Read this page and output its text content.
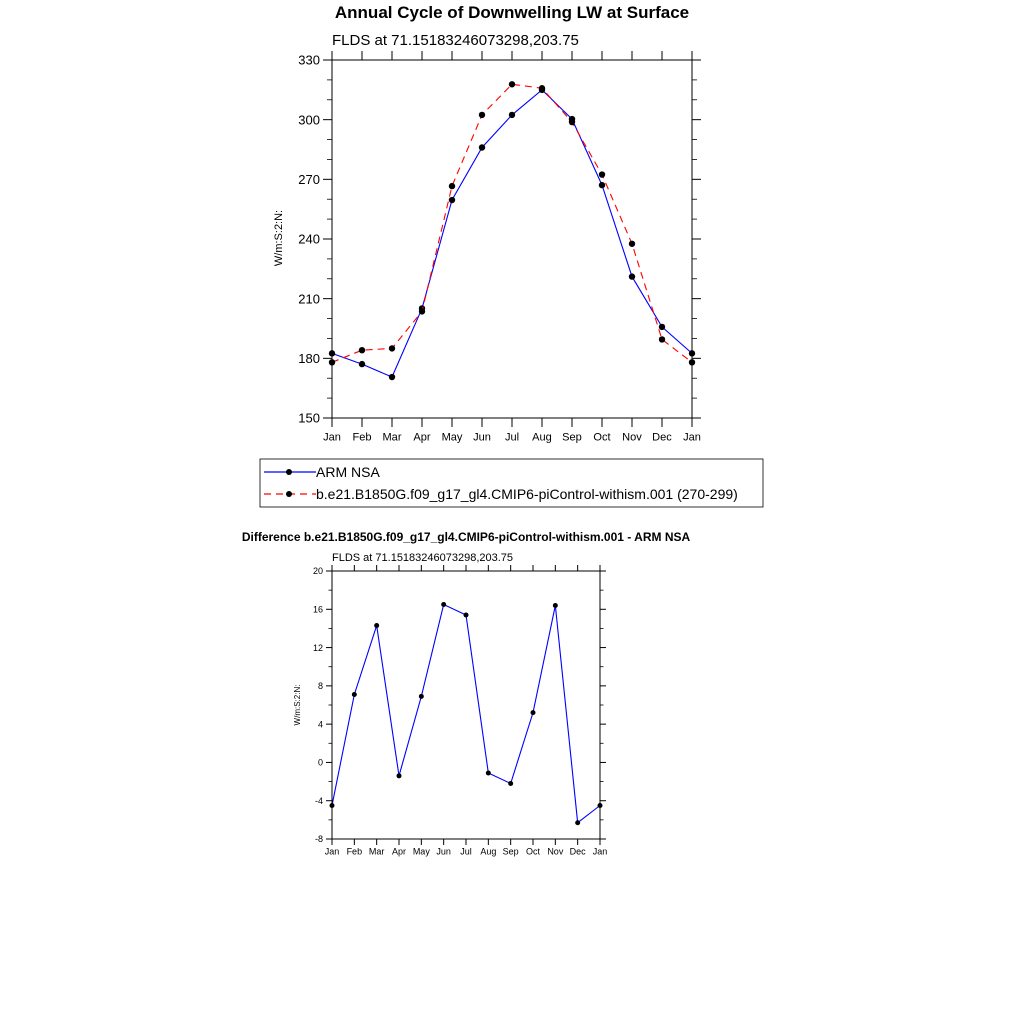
Annual Cycle of Downwelling LW at Surface
FLDS at 71.15183246073298,203.75
W/m:S:2:N:
150
180
210
240
270
300
330
Jan Feb Mar Apr May Jun Jul Aug Sep Oct Nov Dec Jan
ARM NSA
b.e21.B1850G.f09_g17_gl4.CMIP6-piControl-withism.001 (270-299)
Difference b.e21.B1850G.f09_g17_gl4.CMIP6-piControl-withism.001 - ARM NSA
FLDS at 71.15183246073298,203.75
W/m:S:2:N:
-8
-4
0
4
8
12
16
20
Jan Feb Mar Apr May Jun Jul Aug Sep Oct Nov Dec Jan
